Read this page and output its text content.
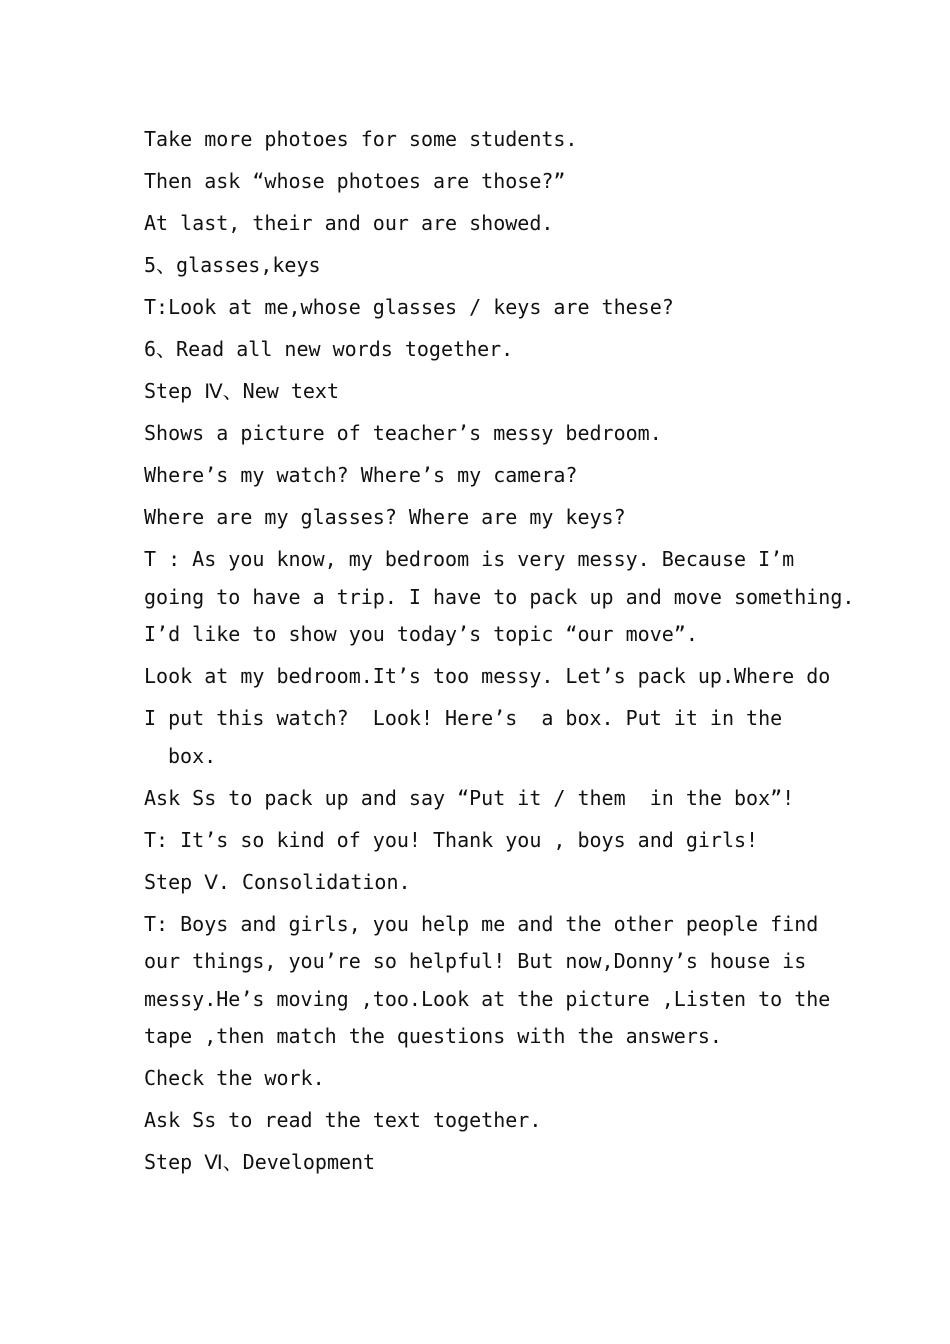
Take more photoes for some students.
Then ask “whose photoes are those?”
At last, their and our are showed.
5、glasses,keys
T:Look at me,whose glasses / keys are these?
6、Read all new words together.
Step Ⅳ、New text
Shows a picture of teacher’s messy bedroom.
Where’s my watch? Where’s my camera?
Where are my glasses? Where are my keys?
T : As you know, my bedroom is very messy. Because I’m
going to have a trip. I have to pack up and move something.
I’d like to show you today’s topic “our move”.
Look at my bedroom.It’s too messy. Let’s pack up.Where do
I put this watch?  Look! Here’s  a box. Put it in the
box.
Ask Ss to pack up and say “Put it / them  in the box”!
T: It’s so kind of you! Thank you , boys and girls!
Step Ⅴ. Consolidation.
T: Boys and girls, you help me and the other people find
our things, you’re so helpful! But now,Donny’s house is
messy.He’s moving ,too.Look at the picture ,Listen to the
tape ,then match the questions with the answers.
Check the work.
Ask Ss to read the text together.
Step Ⅵ、Development
